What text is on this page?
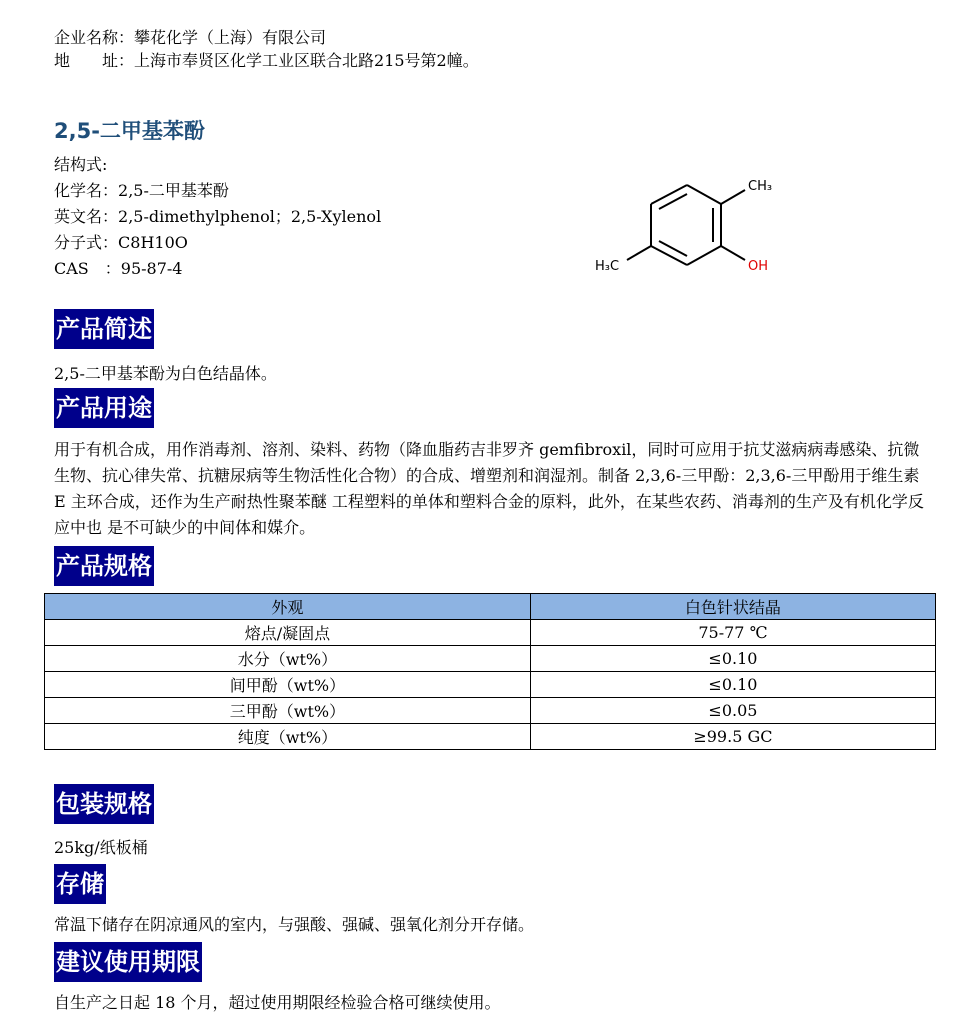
企业名称：攀花化学（上海）有限公司
地　　址：上海市奉贤区化学工业区联合北路215号第2幢。
2,5-二甲基苯酚
结构式:
化学名：2,5-二甲基苯酚
英文名：2,5-dimethylphenol；2,5-Xylenol
分子式：C8H10O
CAS　：95-87-4
CH₃
OH
H₃C
产品简述
2,5-二甲基苯酚为白色结晶体。
产品用途
用于有机合成，用作消毒剂、溶剂、染料、药物（降血脂药吉非罗齐 gemfibroxil，同时可应用于抗艾滋病病毒感染、抗微生物、抗心律失常、抗糖尿病等生物活性化合物）的合成、增塑剂和润湿剂。制备 2,3,6-三甲酚：2,3,6-三甲酚用于维生素 E 主环合成，还作为生产耐热性聚苯醚 工程塑料的单体和塑料合金的原料，此外，在某些农药、消毒剂的生产及有机化学反应中也 是不可缺少的中间体和媒介。
产品规格
外观	白色针状结晶
熔点/凝固点	75-77 ℃
水分（wt%）	≤0.10
间甲酚（wt%）	≤0.10
三甲酚（wt%）	≤0.05
纯度（wt%）	≥99.5 GC
包装规格
25kg/纸板桶
存储
常温下储存在阴凉通风的室内，与强酸、强碱、强氧化剂分开存储。
建议使用期限
自生产之日起 18 个月，超过使用期限经检验合格可继续使用。
